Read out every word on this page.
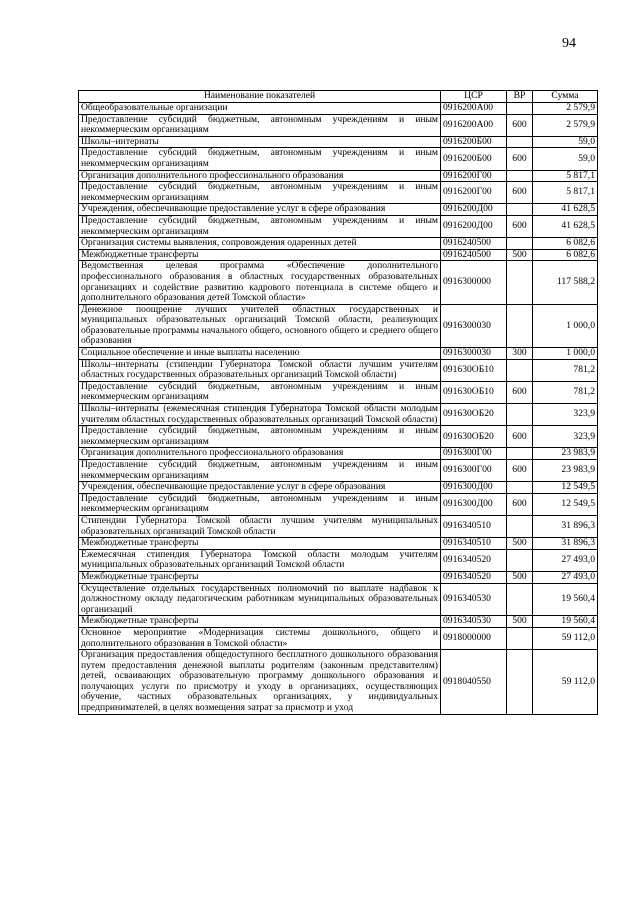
94
Наименование показателей	ЦСР	ВР	Сумма
Общеобразовательные организации	0916200А00		2 579,9
Предоставление субсидий бюджетным, автономным учреждениям и иным некоммерческим организациям	0916200А00	600	2 579,9
Школы–интернаты	0916200Б00		59,0
Предоставление субсидий бюджетным, автономным учреждениям и иным некоммерческим организациям	0916200Б00	600	59,0
Организация дополнительного профессионального образования	0916200Г00		5 817,1
Предоставление субсидий бюджетным, автономным учреждениям и иным некоммерческим организациям	0916200Г00	600	5 817,1
Учреждения, обеспечивающие предоставление услуг в сфере образования	0916200Д00		41 628,5
Предоставление субсидий бюджетным, автономным учреждениям и иным некоммерческим организациям	0916200Д00	600	41 628,5
Организация системы выявления, сопровождения одаренных детей	0916240500		6 082,6
Межбюджетные трансферты	0916240500	500	6 082,6
Ведомственная целевая программа «Обеспечение дополнительного профессионального образования в областных государственных образовательных организациях и содействие развитию кадрового потенциала в системе общего и дополнительного образования детей Томской области»	0916300000		117 588,2
Денежное поощрение лучших учителей областных государственных и муниципальных образовательных организаций Томской области, реализующих образовательные программы начального общего, основного общего и среднего общего образования	0916300030		1 000,0
Социальное обеспечение и иные выплаты населению	0916300030	300	1 000,0
Школы–интернаты (стипендии Губернатора Томской области лучшим учителям областных государственных образовательных организаций Томской области)	091630ОБ10		781,2
Предоставление субсидий бюджетным, автономным учреждениям и иным некоммерческим организациям	091630ОБ10	600	781,2
Школы–интернаты (ежемесячная стипендия Губернатора Томской области молодым учителям областных государственных образовательных организаций Томской области)	091630ОБ20		323,9
Предоставление субсидий бюджетным, автономным учреждениям и иным некоммерческим организациям	091630ОБ20	600	323,9
Организация дополнительного профессионального образования	0916300Г00		23 983,9
Предоставление субсидий бюджетным, автономным учреждениям и иным некоммерческим организациям	0916300Г00	600	23 983,9
Учреждения, обеспечивающие предоставление услуг в сфере образования	0916300Д00		12 549,5
Предоставление субсидий бюджетным, автономным учреждениям и иным некоммерческим организациям	0916300Д00	600	12 549,5
Стипендии Губернатора Томской области лучшим учителям муниципальных образовательных организаций Томской области	0916340510		31 896,3
Межбюджетные трансферты	0916340510	500	31 896,3
Ежемесячная стипендия Губернатора Томской области молодым учителям муниципальных образовательных организаций Томской области	0916340520		27 493,0
Межбюджетные трансферты	0916340520	500	27 493,0
Осуществление отдельных государственных полномочий по выплате надбавок к должностному окладу педагогическим работникам муниципальных образовательных организаций	0916340530		19 560,4
Межбюджетные трансферты	0916340530	500	19 560,4
Основное мероприятие «Модернизация системы дошкольного, общего и дополнительного образования в Томской области»	0918000000		59 112,0
Организация предоставления общедоступного бесплатного дошкольного образования путем предоставления денежной выплаты родителям (законным представителям) детей, осваивающих образовательную программу дошкольного образования и получающих услуги по присмотру и уходу в организациях, осуществляющих обучение, частных образовательных организациях, у индивидуальных предпринимателей, в целях возмещения затрат за присмотр и уход	0918040550		59 112,0
